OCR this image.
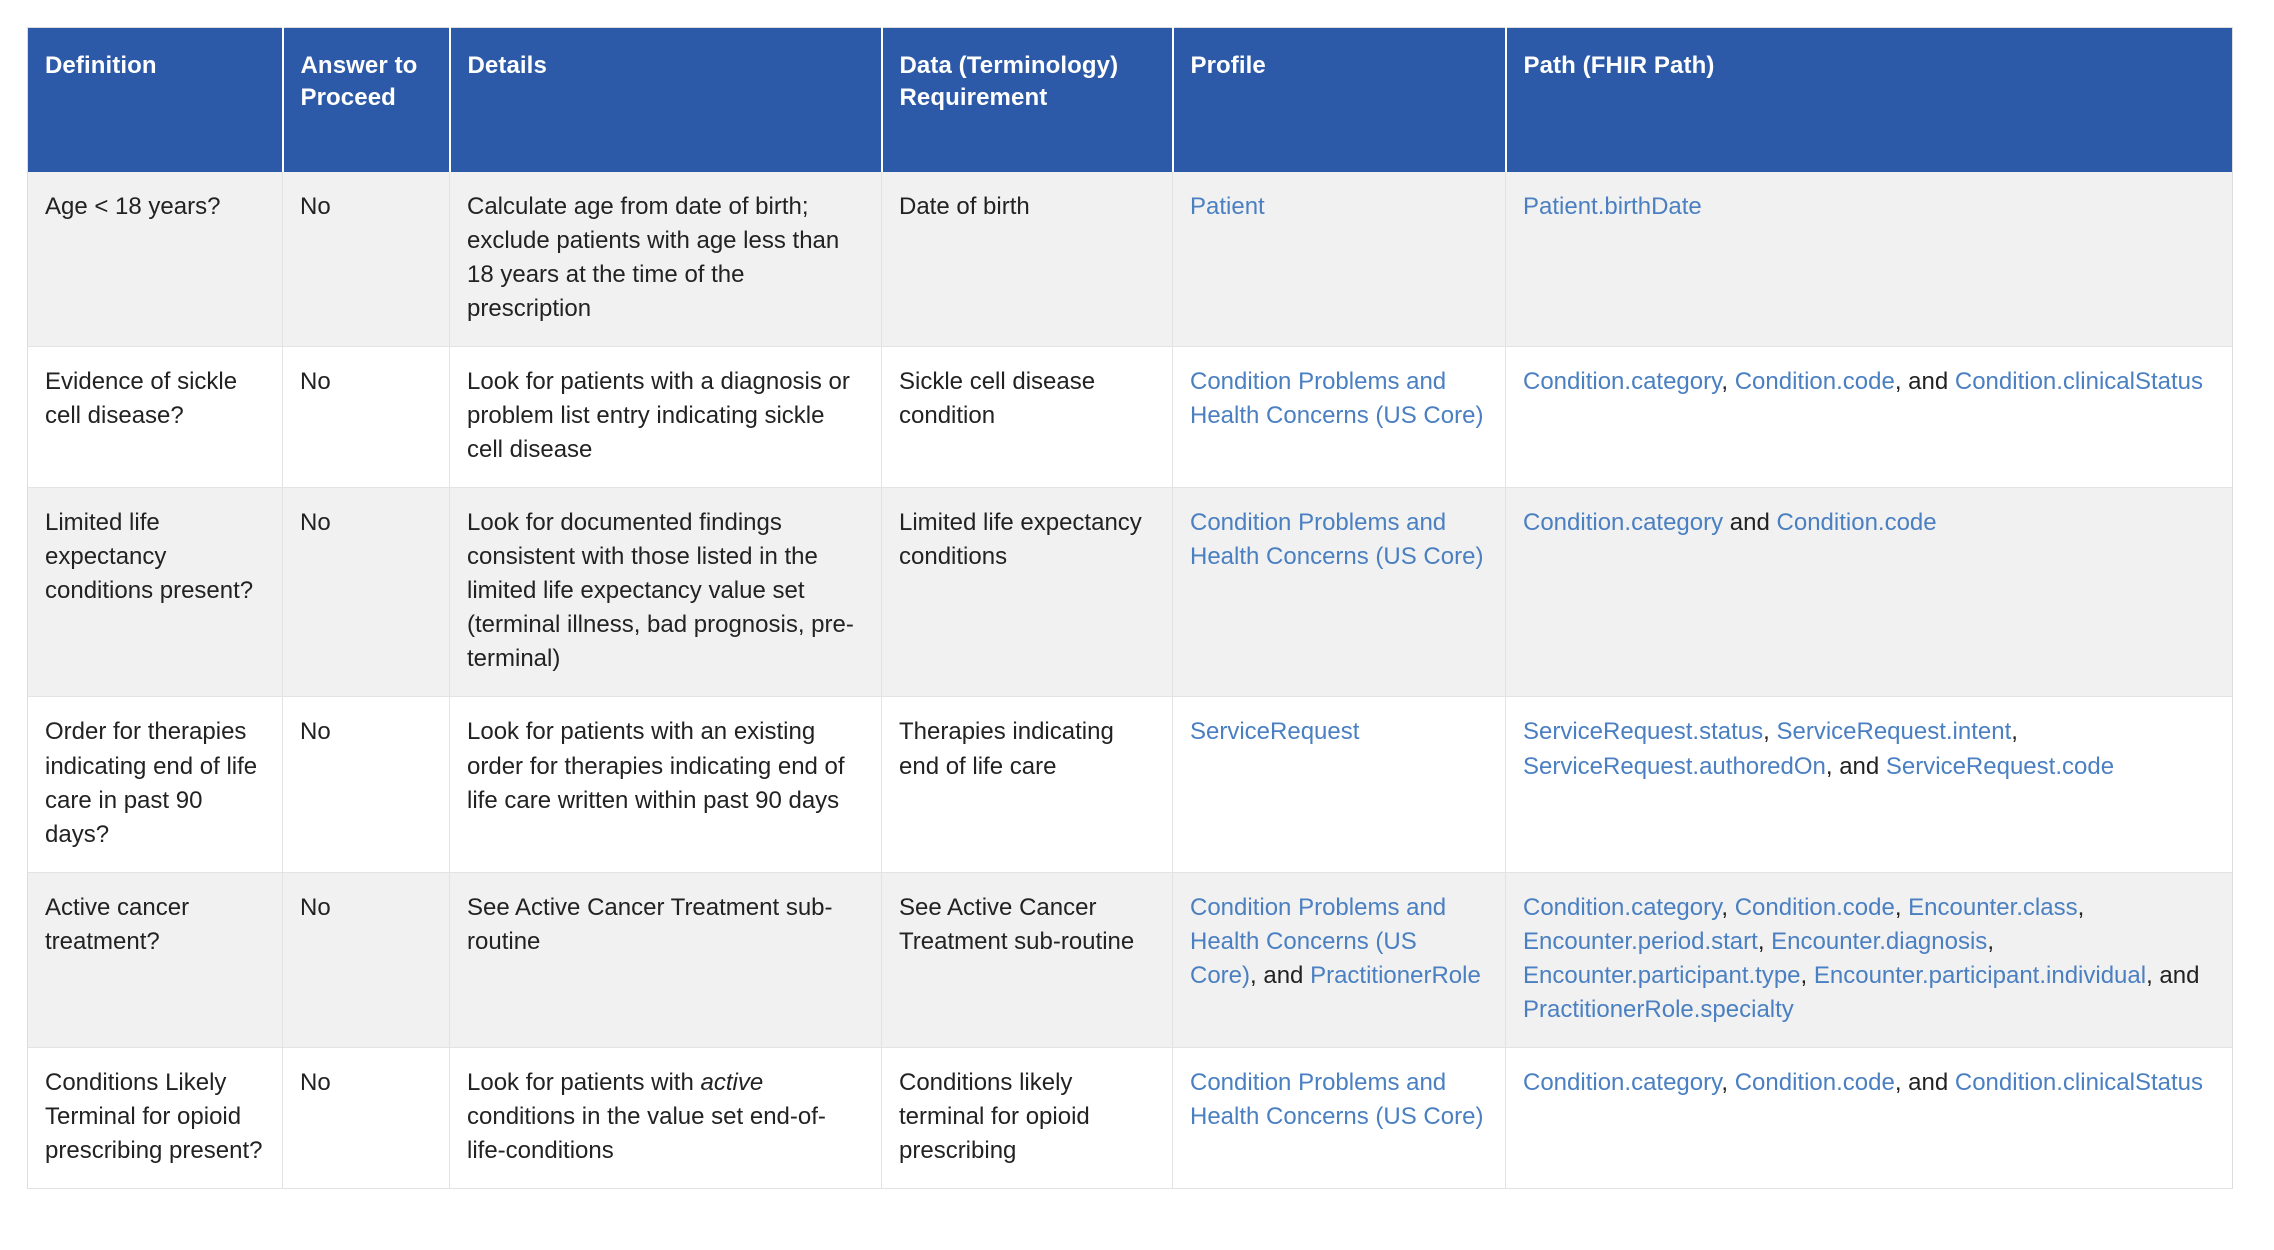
Definition	Answer to Proceed	Details	Data (Terminology) Requirement	Profile	Path (FHIR Path)
Age < 18 years?	No	Calculate age from date of birth; exclude patients with age less than 18 years at the time of the prescription	Date of birth	Patient	Patient.birthDate
Evidence of sickle cell disease?	No	Look for patients with a diagnosis or problem list entry indicating sickle cell disease	Sickle cell disease condition	Condition Problems and Health Concerns (US Core)	Condition.category, Condition.code, and Condition.clinicalStatus
Limited life expectancy conditions present?	No	Look for documented findings consistent with those listed in the limited life expectancy value set (terminal illness, bad prognosis, pre-terminal)	Limited life expectancy conditions	Condition Problems and Health Concerns (US Core)	Condition.category and Condition.code
Order for therapies indicating end of life care in past 90 days?	No	Look for patients with an existing order for therapies indicating end of life care written within past 90 days	Therapies indicating end of life care	ServiceRequest	ServiceRequest.status, ServiceRequest.intent, ServiceRequest.authoredOn, and ServiceRequest.code
Active cancer treatment?	No	See Active Cancer Treatment sub-routine	See Active Cancer Treatment sub-routine	Condition Problems and Health Concerns (US Core), and PractitionerRole	Condition.category, Condition.code, Encounter.class, Encounter.period.start, Encounter.diagnosis, Encounter.participant.type, Encounter.participant.individual, and PractitionerRole.specialty
Conditions Likely Terminal for opioid prescribing present?	No	Look for patients with active conditions in the value set end-of-life-conditions	Conditions likely terminal for opioid prescribing	Condition Problems and Health Concerns (US Core)	Condition.category, Condition.code, and Condition.clinicalStatus
